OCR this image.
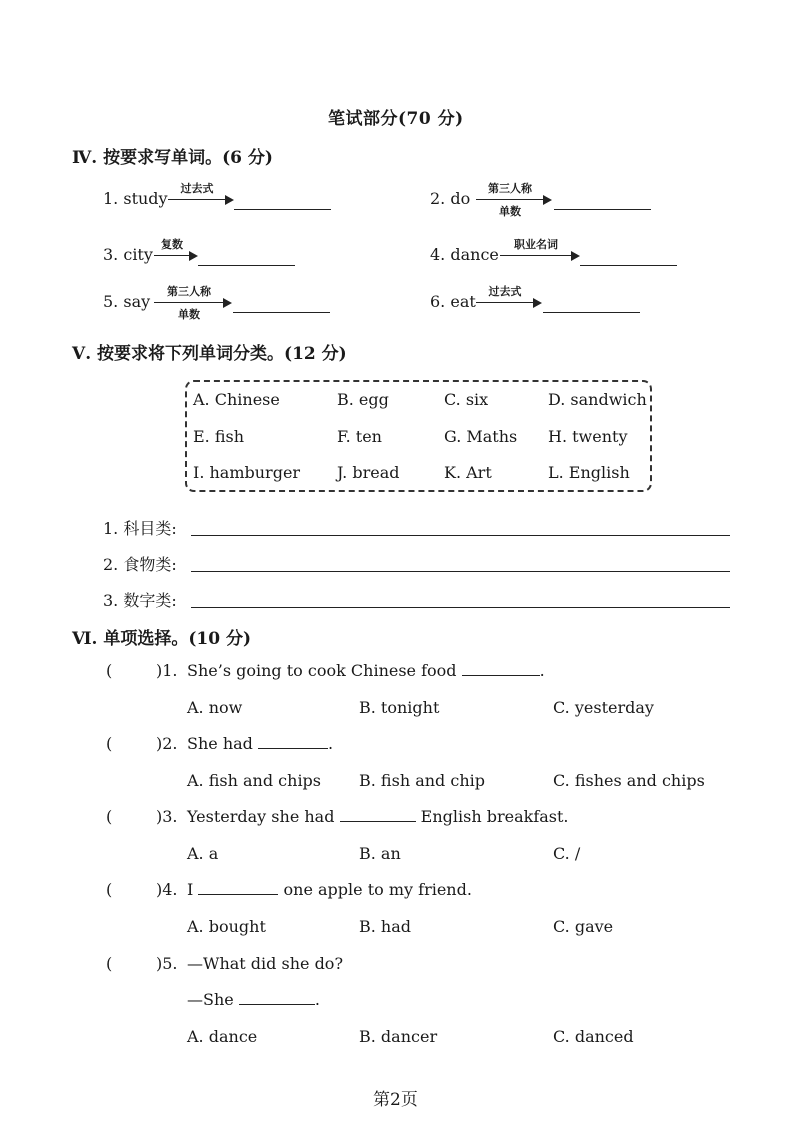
笔试部分(70 分)
Ⅳ. 按要求写单词。(6 分)
1. study
过去式
2. do
第三人称
单数
3. city
复数
4. dance
职业名词
5. say
第三人称
单数
6. eat
过去式
Ⅴ. 按要求将下列单词分类。(12 分)
A. Chinese	B. egg	C. six	D. sandwich
E. fish	F. ten	G. Maths H. twenty
I. hamburger J. bread	K. Art	L. English
1. 科目类:
2. 食物类:
3. 数字类:
Ⅵ. 单项选择。(10 分)
(	)1. She’s going to cook Chinese food	.
A. now	B. tonight	C. yesterday
(	)2. She had	.
A. fish and chips B. fish and chip	C. fishes and chips
(	)3. Yesterday she had	English breakfast.
A. a	B. an	C. /
(	)4. I	one apple to my friend.
A. bought	B. had	C. gave
(	)5. —What did she do?
—She	.
A. dance	B. dancer	C. danced
第2页
